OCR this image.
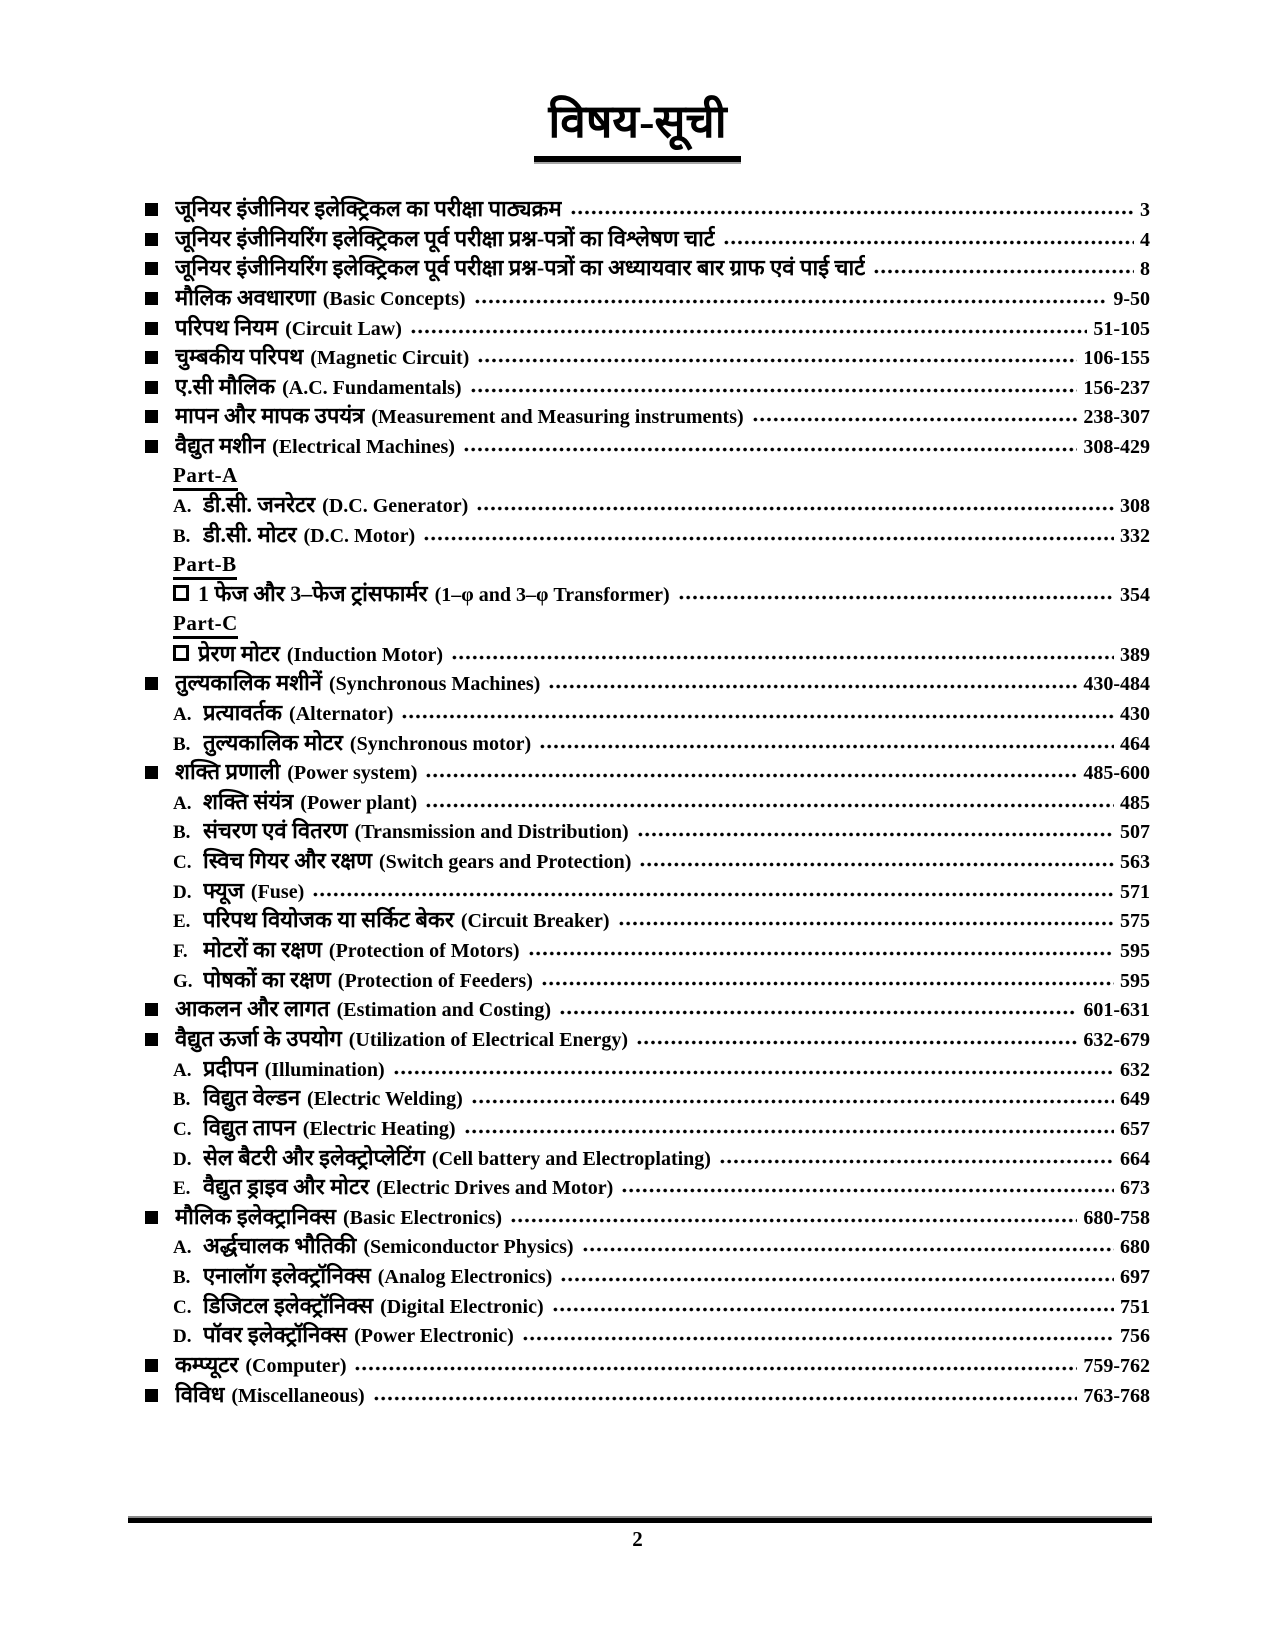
विषय-सूची
जूनियर इंजीनियर इलेक्ट्रिकल का परीक्षा पाठ्यक्रम	3
जूनियर इंजीनियरिंग इलेक्ट्रिकल पूर्व परीक्षा प्रश्न-पत्रों का विश्लेषण चार्ट	4
जूनियर इंजीनियरिंग इलेक्ट्रिकल पूर्व परीक्षा प्रश्न-पत्रों का अध्यायवार बार ग्राफ एवं पाई चार्ट	8
मौलिक अवधारणा (Basic Concepts)	9-50
परिपथ नियम (Circuit Law)	51-105
चुम्बकीय परिपथ (Magnetic Circuit)	106-155
ए.सी मौलिक (A.C. Fundamentals)	156-237
मापन और मापक उपयंत्र (Measurement and Measuring instruments)	238-307
वैद्युत मशीन (Electrical Machines)	308-429
Part-A
A. डी.सी. जनरेटर (D.C. Generator)	308
B. डी.सी. मोटर (D.C. Motor)	332
Part-B
1 फेज और 3–फेज ट्रांसफार्मर (1–φ and 3–φ Transformer)	354
Part-C
प्रेरण मोटर (Induction Motor)	389
तुल्यकालिक मशीनें (Synchronous Machines)	430-484
A. प्रत्यावर्तक (Alternator)	430
B. तुल्यकालिक मोटर (Synchronous motor)	464
शक्ति प्रणाली (Power system)	485-600
A. शक्ति संयंत्र (Power plant)	485
B. संचरण एवं वितरण (Transmission and Distribution)	507
C. स्विच गियर और रक्षण (Switch gears and Protection)	563
D. फ्यूज (Fuse)	571
E. परिपथ वियोजक या सर्किट बेकर (Circuit Breaker)	575
F. मोटरों का रक्षण (Protection of Motors)	595
G. पोषकों का रक्षण (Protection of Feeders)	595
आकलन और लागत (Estimation and Costing)	601-631
वैद्युत ऊर्जा के उपयोग (Utilization of Electrical Energy)	632-679
A. प्रदीपन (Illumination)	632
B. विद्युत वेल्डन (Electric Welding)	649
C. विद्युत तापन (Electric Heating)	657
D. सेल बैटरी और इलेक्ट्रोप्लेटिंग (Cell battery and Electroplating)	664
E. वैद्युत ड्राइव और मोटर (Electric Drives and Motor)	673
मौलिक इलेक्ट्रानिक्स (Basic Electronics)	680-758
A. अर्द्धचालक भौतिकी (Semiconductor Physics)	680
B. एनालॉग इलेक्ट्रॉनिक्स (Analog Electronics)	697
C. डिजिटल इलेक्ट्रॉनिक्स (Digital Electronic)	751
D. पॉवर इलेक्ट्रॉनिक्स (Power Electronic)	756
कम्प्यूटर (Computer)	759-762
विविध (Miscellaneous)	763-768
2
